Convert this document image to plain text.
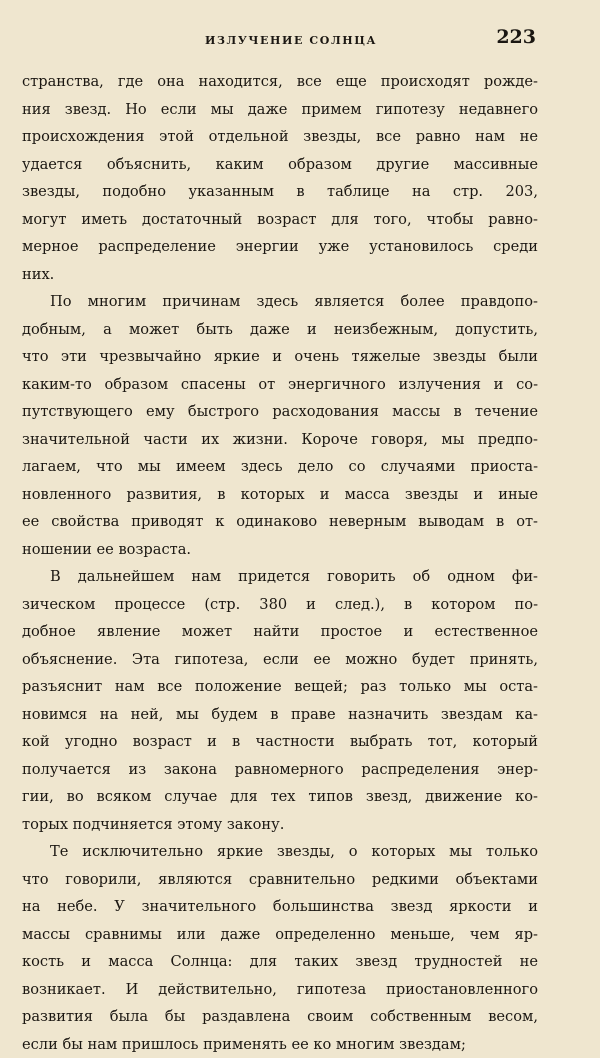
ИЗЛУЧЕНИЕ СОЛНЦА	223
странства, где она находится, все еще происходят рожде-
ния звезд. Но если мы даже примем гипотезу недавнего
происхождения этой отдельной звезды, все равно нам не
удается объяснить, каким образом другие массивные
звезды, подобно указанным в таблице на стр. 203,
могут иметь достаточный возраст для того, чтобы равно-
мерное распределение энергии уже установилось среди
них.
По многим причинам здесь является более правдопо-
добным, а может быть даже и неизбежным, допустить,
что эти чрезвычайно яркие и очень тяжелые звезды были
каким-то образом спасены от энергичного излучения и со-
путствующего ему быстрого расходования массы в течение
значительной части их жизни. Короче говоря, мы предпо-
лагаем, что мы имеем здесь дело со случаями приоста-
новленного развития, в которых и масса звезды и иные
ее свойства приводят к одинаково неверным выводам в от-
ношении ее возраста.
В дальнейшем нам придется говорить об одном фи-
зическом процессе (стр. 380 и след.), в котором по-
добное явление может найти простое и естественное
объяснение. Эта гипотеза, если ее можно будет принять,
разъяснит нам все положение вещей; раз только мы оста-
новимся на ней, мы будем в праве назначить звездам ка-
кой угодно возраст и в частности выбрать тот, который
получается из закона равномерного распределения энер-
гии, во всяком случае для тех типов звезд, движение ко-
торых подчиняется этому закону.
Те исключительно яркие звезды, о которых мы только
что говорили, являются сравнительно редкими объектами
на небе. У значительного большинства звезд яркости и
массы сравнимы или даже определенно меньше, чем яр-
кость и масса Солнца: для таких звезд трудностей не
возникает. И действительно, гипотеза приостановленного
развития была бы раздавлена своим собственным весом,
если бы нам пришлось применять ее ко многим звездам;
